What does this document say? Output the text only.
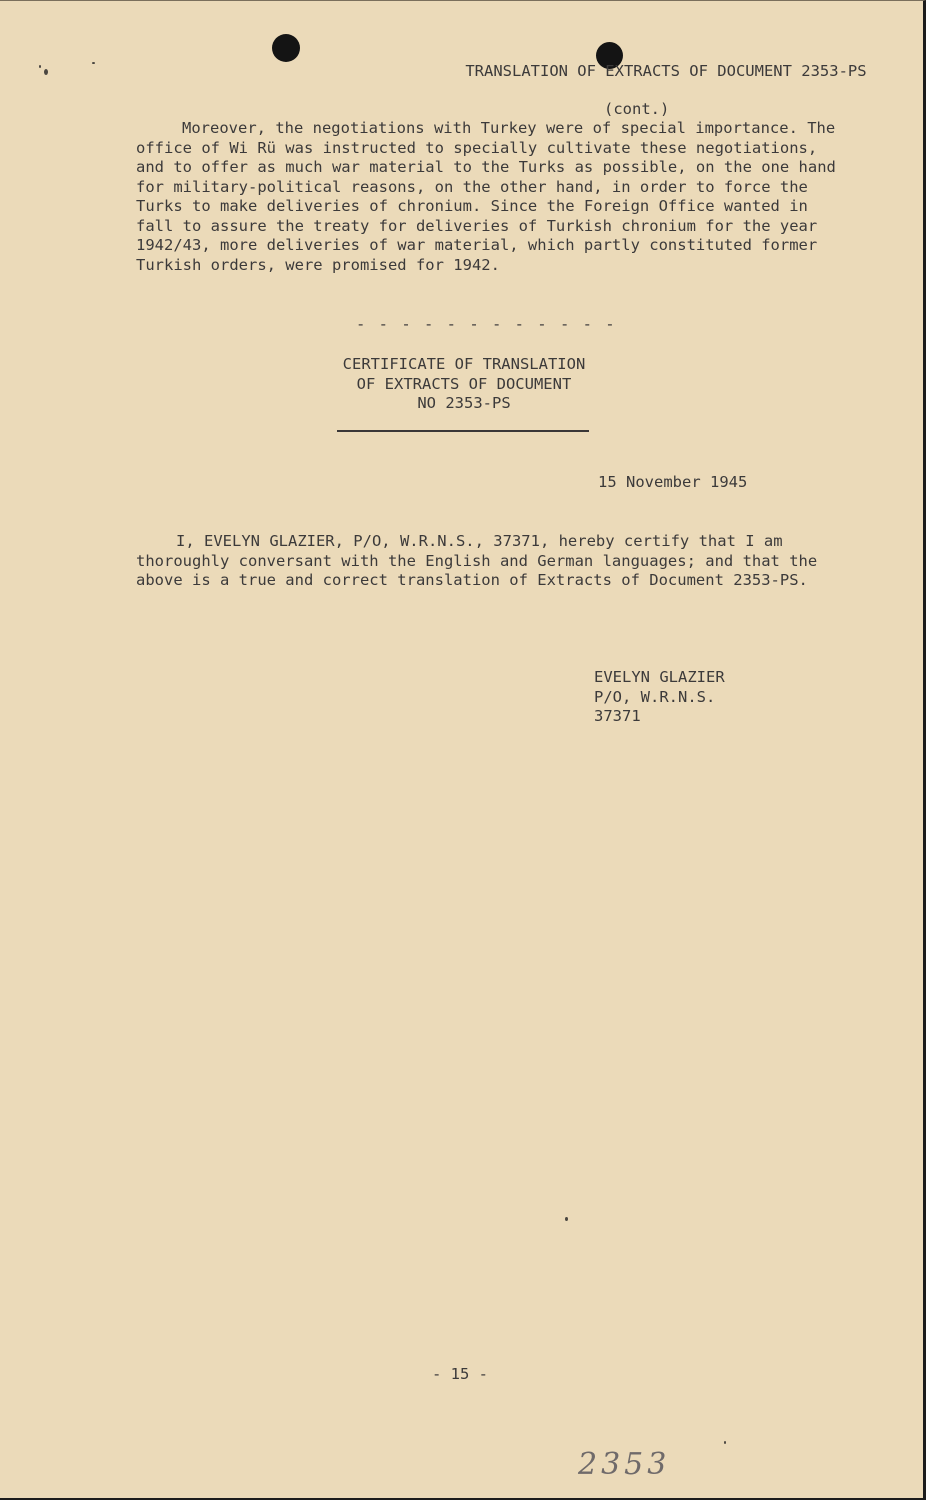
TRANSLATION OF EXTRACTS OF DOCUMENT 2353-PS

(cont.)

Moreover, the negotiations with Turkey were of special importance. The office of Wi Rü was instructed to specially cultivate these negotiations, and to offer as much war material to the Turks as possible, on the one hand for military-political reasons, on the other hand, in order to force the Turks to make deliveries of chronium. Since the Foreign Office wanted in fall to assure the treaty for deliveries of Turkish chronium for the year 1942/43, more deliveries of war material, which partly constituted former Turkish orders, were promised for 1942.

- - - - - - - - - - - -
CERTIFICATE OF TRANSLATION
OF EXTRACTS OF DOCUMENT
NO 2353-PS
15 November 1945

I, EVELYN GLAZIER, P/O, W.R.N.S., 37371, hereby certify that I am thoroughly conversant with the English and German languages; and that the above is a true and correct translation of Extracts of Document 2353-PS.

EVELYN GLAZIER
P/O, W.R.N.S.
37371
- 15 -
2353
